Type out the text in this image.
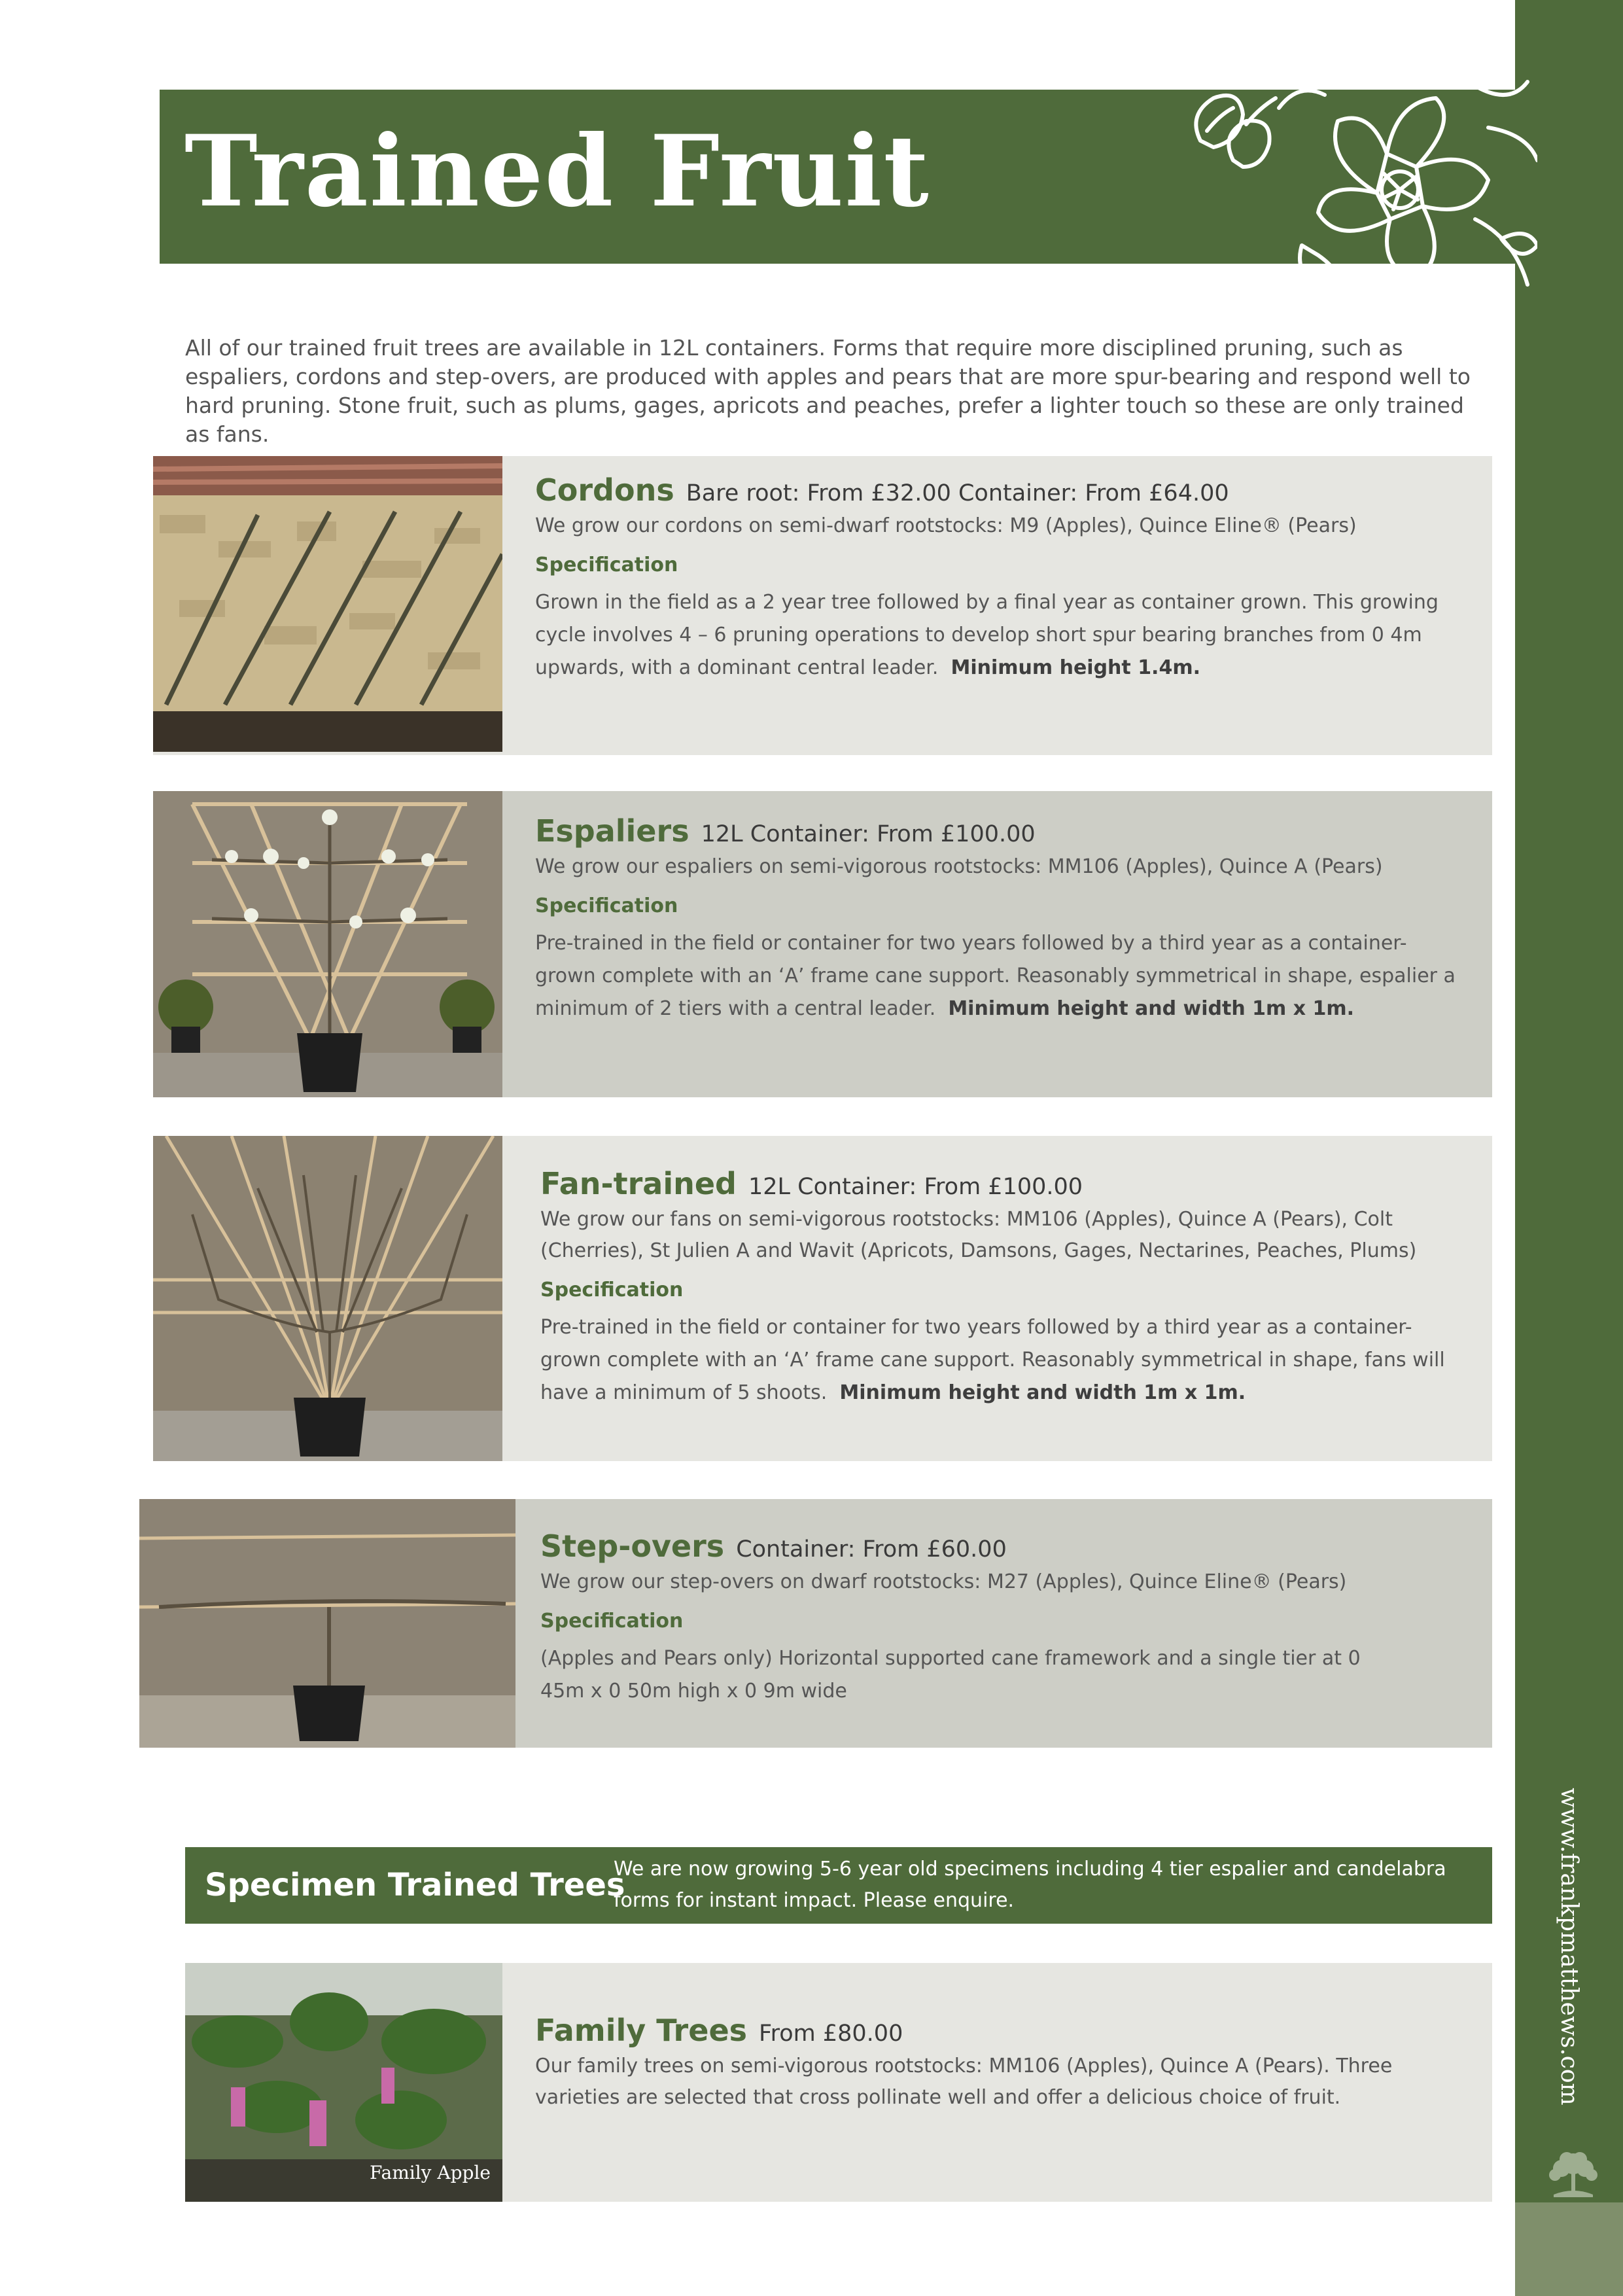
www.frankpmatthews.com
Trained Fruit

All of our trained fruit trees are available in 12L containers. Forms that require more disciplined pruning, such as espaliers, cordons and step-overs, are produced with apples and pears that are more spur-bearing and respond well to hard pruning. Stone fruit, such as plums, gages, apricots and peaches, prefer a lighter touch so these are only trained as fans.

Cordons Bare root: From £32.00 Container: From £64.00

We grow our cordons on semi-dwarf rootstocks: M9 (Apples), Quince Eline® (Pears)

Specification

Grown in the field as a 2 year tree followed by a final year as container grown. This growing cycle involves 4 – 6 pruning operations to develop short spur bearing branches from 0 4m upwards, with a dominant central leader. Minimum height 1.4m.

Espaliers 12L Container: From £100.00

We grow our espaliers on semi-vigorous rootstocks: MM106 (Apples), Quince A (Pears)

Specification

Pre-trained in the field or container for two years followed by a third year as a container-grown complete with an ‘A’ frame cane support. Reasonably symmetrical in shape, espalier a minimum of 2 tiers with a central leader. Minimum height and width 1m x 1m.

Fan-trained 12L Container: From £100.00

We grow our fans on semi-vigorous rootstocks: MM106 (Apples), Quince A (Pears), Colt (Cherries), St Julien A and Wavit (Apricots, Damsons, Gages, Nectarines, Peaches, Plums)

Specification

Pre-trained in the field or container for two years followed by a third year as a container-grown complete with an ‘A’ frame cane support. Reasonably symmetrical in shape, fans will have a minimum of 5 shoots. Minimum height and width 1m x 1m.

Step-overs Container: From £60.00

We grow our step-overs on dwarf rootstocks: M27 (Apples), Quince Eline® (Pears)

Specification

(Apples and Pears only) Horizontal supported cane framework and a single tier at 0 45m x 0 50m high x 0 9m wide

Specimen Trained Trees

We are now growing 5-6 year old specimens including 4 tier espalier and candelabra forms for instant impact. Please enquire.

Family Apple
Family Trees From £80.00

Our family trees on semi-vigorous rootstocks: MM106 (Apples), Quince A (Pears). Three varieties are selected that cross pollinate well and offer a delicious choice of fruit.
